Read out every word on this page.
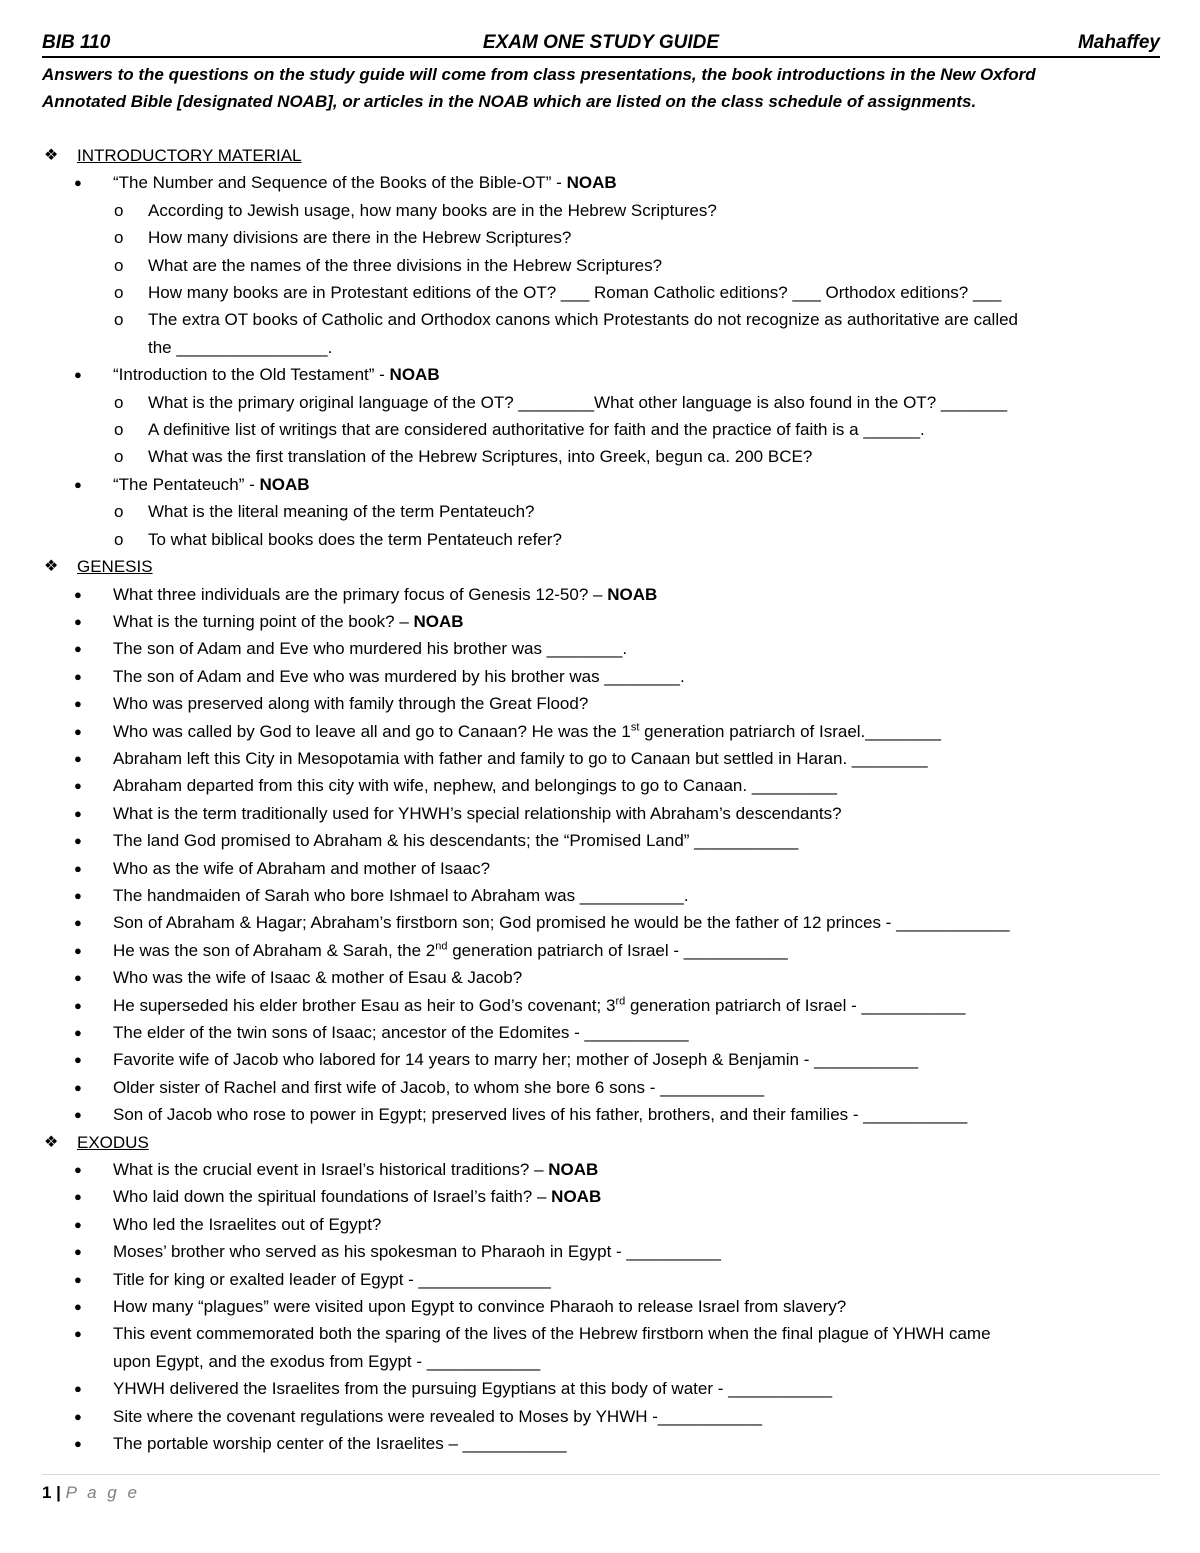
BIB 110	EXAM ONE STUDY GUIDE	Mahaffey

Answers to the questions on the study guide will come from class presentations, the book introductions in the New Oxford

Annotated Bible [designated NOAB], or articles in the NOAB which are listed on the class schedule of assignments.

❖ INTRODUCTORY MATERIAL
● “The Number and Sequence of the Books of the Bible-OT” - NOAB
o According to Jewish usage, how many books are in the Hebrew Scriptures?
o How many divisions are there in the Hebrew Scriptures?
o What are the names of the three divisions in the Hebrew Scriptures?
o How many books are in Protestant editions of the OT? ___ Roman Catholic editions? ___ Orthodox editions? ___
o The extra OT books of Catholic and Orthodox canons which Protestants do not recognize as authoritative are called
the ________________.
● “Introduction to the Old Testament” - NOAB
o What is the primary original language of the OT? ________What other language is also found in the OT? _______
o A definitive list of writings that are considered authoritative for faith and the practice of faith is a ______.
o What was the first translation of the Hebrew Scriptures, into Greek, begun ca. 200 BCE?
● “The Pentateuch” - NOAB
o What is the literal meaning of the term Pentateuch?
o To what biblical books does the term Pentateuch refer?
❖ GENESIS
● What three individuals are the primary focus of Genesis 12-50? – NOAB
● What is the turning point of the book? – NOAB
● The son of Adam and Eve who murdered his brother was ________.
● The son of Adam and Eve who was murdered by his brother was ________.
● Who was preserved along with family through the Great Flood?
● Who was called by God to leave all and go to Canaan? He was the 1st generation patriarch of Israel.________
● Abraham left this City in Mesopotamia with father and family to go to Canaan but settled in Haran. ________
● Abraham departed from this city with wife, nephew, and belongings to go to Canaan. _________
● What is the term traditionally used for YHWH’s special relationship with Abraham’s descendants?
● The land God promised to Abraham & his descendants; the “Promised Land” ___________
● Who as the wife of Abraham and mother of Isaac?
● The handmaiden of Sarah who bore Ishmael to Abraham was ___________.
● Son of Abraham & Hagar; Abraham’s firstborn son; God promised he would be the father of 12 princes - ____________
● He was the son of Abraham & Sarah, the 2nd generation patriarch of Israel - ___________
● Who was the wife of Isaac & mother of Esau & Jacob?
● He superseded his elder brother Esau as heir to God’s covenant; 3rd generation patriarch of Israel - ___________
● The elder of the twin sons of Isaac; ancestor of the Edomites - ___________
● Favorite wife of Jacob who labored for 14 years to marry her; mother of Joseph & Benjamin - ___________
● Older sister of Rachel and first wife of Jacob, to whom she bore 6 sons - ___________
● Son of Jacob who rose to power in Egypt; preserved lives of his father, brothers, and their families - ___________
❖ EXODUS
● What is the crucial event in Israel’s historical traditions? – NOAB
● Who laid down the spiritual foundations of Israel’s faith? – NOAB
● Who led the Israelites out of Egypt?
● Moses’ brother who served as his spokesman to Pharaoh in Egypt - __________
● Title for king or exalted leader of Egypt - ______________
● How many “plagues” were visited upon Egypt to convince Pharaoh to release Israel from slavery?
● This event commemorated both the sparing of the lives of the Hebrew firstborn when the final plague of YHWH came
upon Egypt, and the exodus from Egypt - ____________
● YHWH delivered the Israelites from the pursuing Egyptians at this body of water - ___________
● Site where the covenant regulations were revealed to Moses by YHWH -___________
● The portable worship center of the Israelites – ___________
1 | P a g e
